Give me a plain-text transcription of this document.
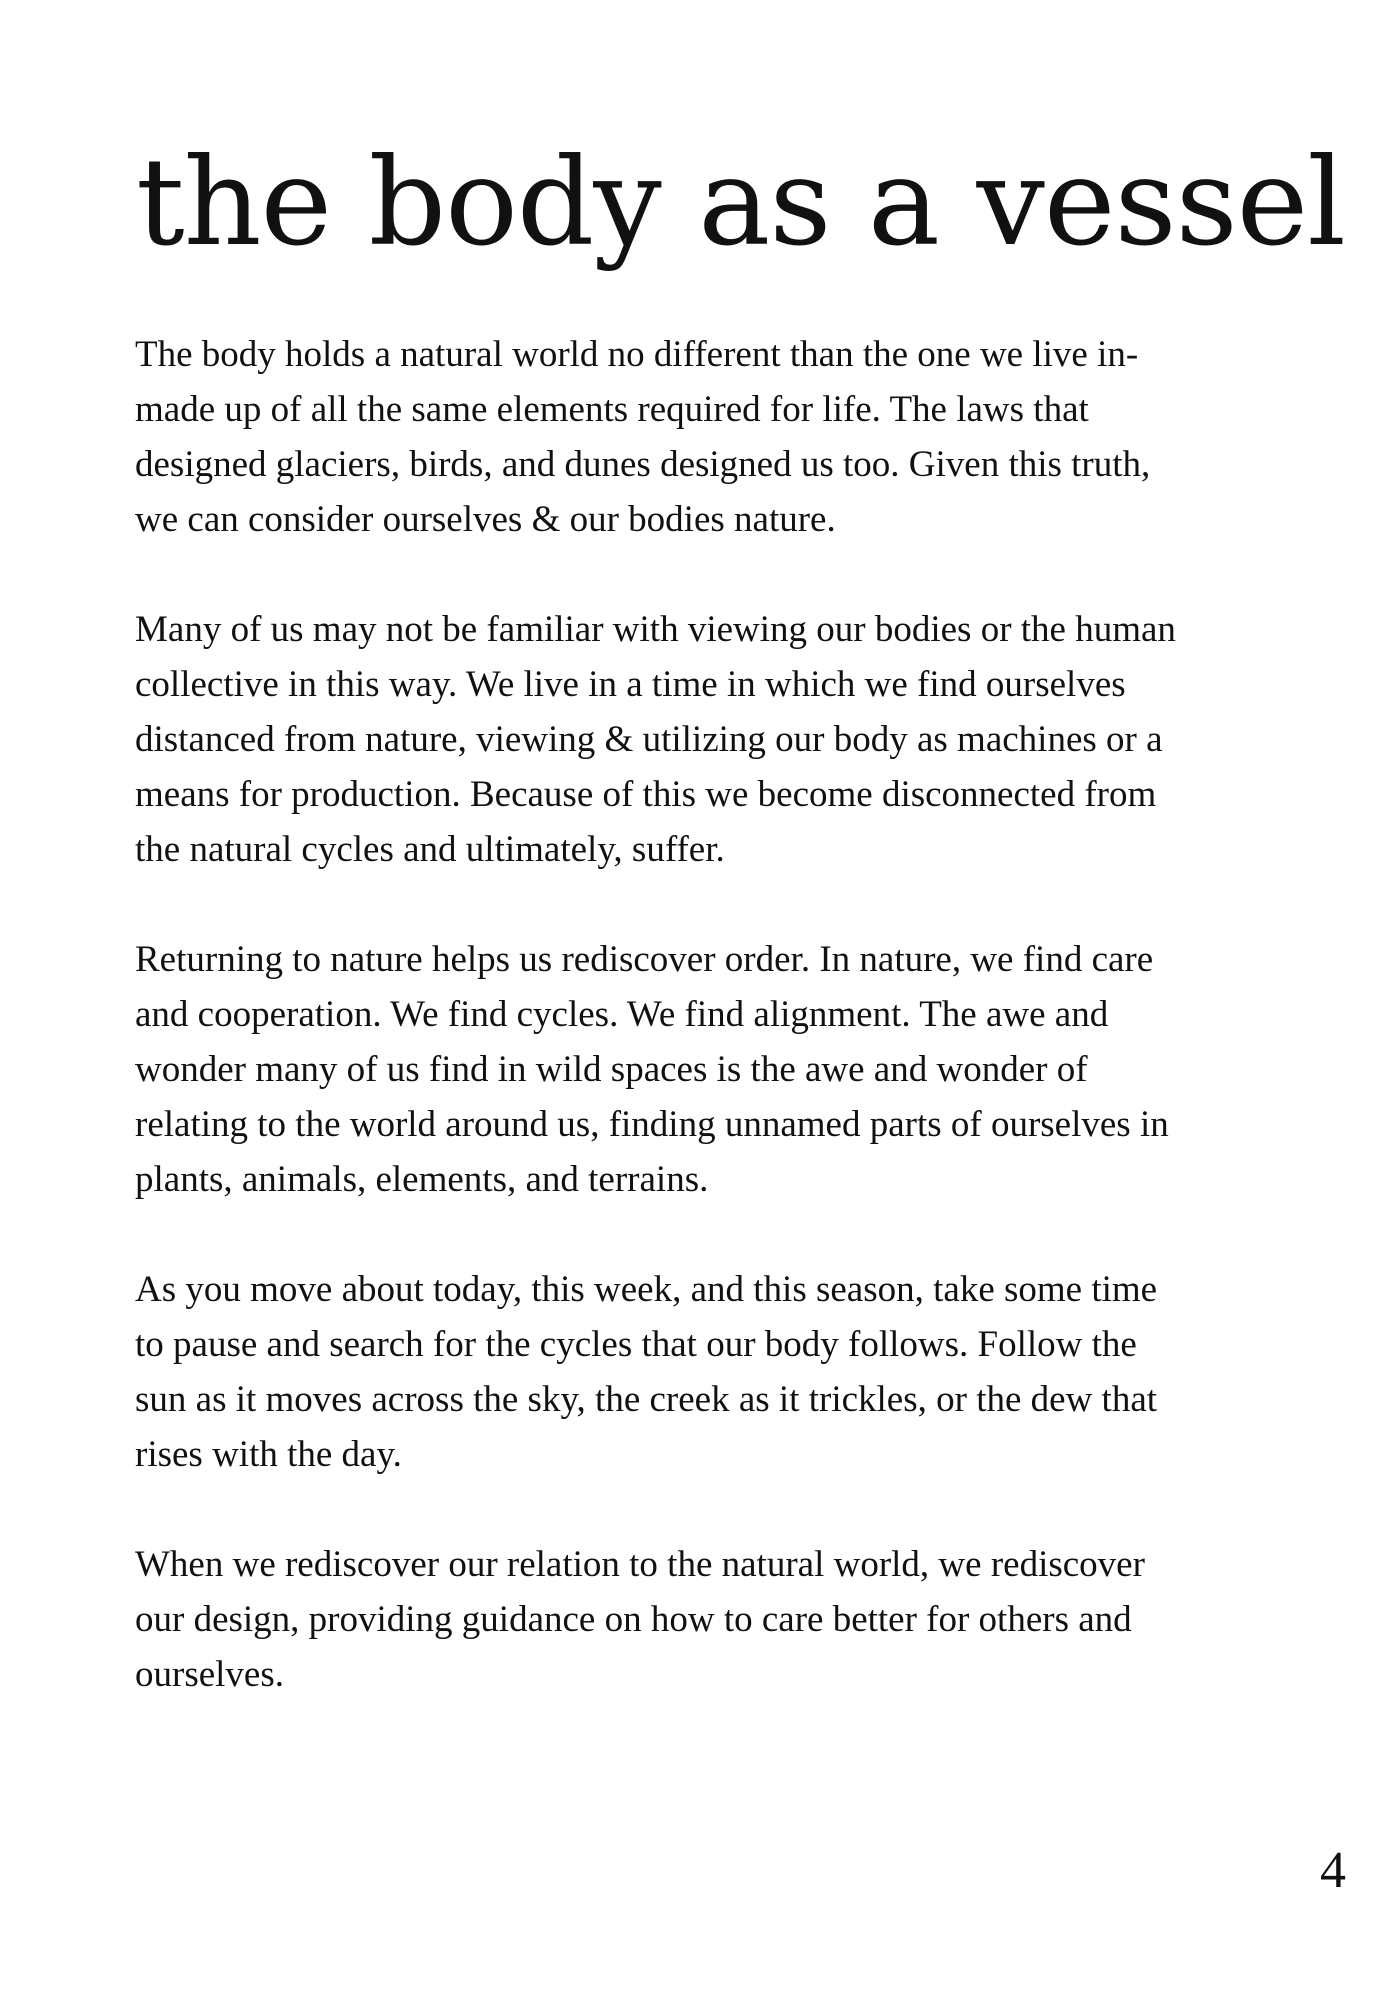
the body as a vessel

The body holds a natural world no different than the one we live in-
made up of all the same elements required for life. The laws that
designed glaciers, birds, and dunes designed us too. Given this truth,
we can consider ourselves & our bodies nature.

Many of us may not be familiar with viewing our bodies or the human
collective in this way. We live in a time in which we find ourselves
distanced from nature, viewing & utilizing our body as machines or a
means for production. Because of this we become disconnected from
the natural cycles and ultimately, suffer.

Returning to nature helps us rediscover order. In nature, we find care
and cooperation. We find cycles. We find alignment. The awe and
wonder many of us find in wild spaces is the awe and wonder of
relating to the world around us, finding unnamed parts of ourselves in
plants, animals, elements, and terrains.

As you move about today, this week, and this season, take some time
to pause and search for the cycles that our body follows. Follow the
sun as it moves across the sky, the creek as it trickles, or the dew that
rises with the day.

When we rediscover our relation to the natural world, we rediscover
our design, providing guidance on how to care better for others and
ourselves.

4
